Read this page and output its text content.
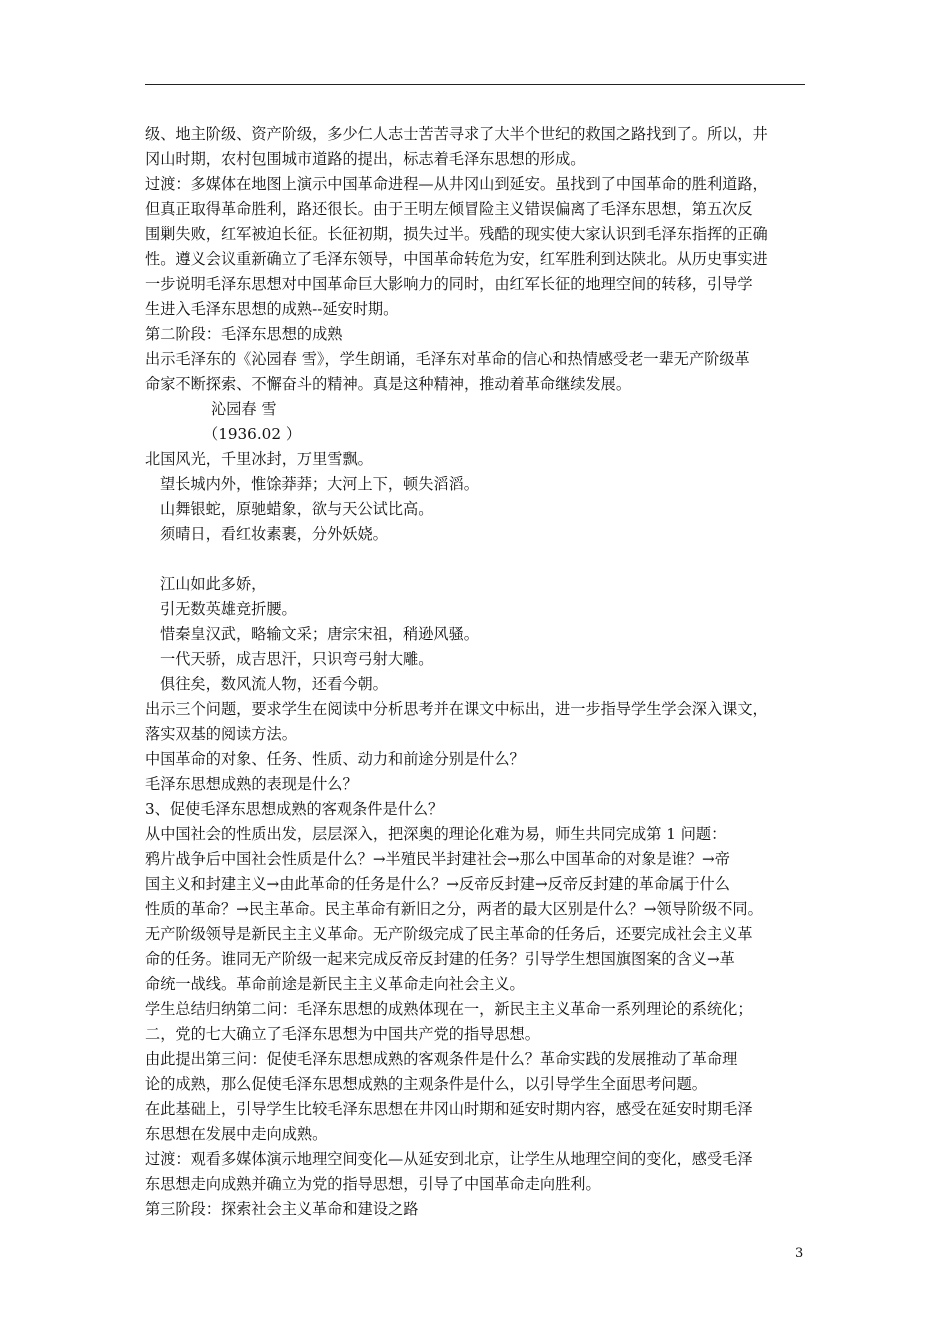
级、地主阶级、资产阶级，多少仁人志士苦苦寻求了大半个世纪的救国之路找到了。所以，井
冈山时期，农村包围城市道路的提出，标志着毛泽东思想的形成。
过渡：多媒体在地图上演示中国革命进程—从井冈山到延安。虽找到了中国革命的胜利道路，
但真正取得革命胜利，路还很长。由于王明左倾冒险主义错误偏离了毛泽东思想，第五次反
围剿失败，红军被迫长征。长征初期，损失过半。残酷的现实使大家认识到毛泽东指挥的正确
性。遵义会议重新确立了毛泽东领导，中国革命转危为安，红军胜利到达陕北。从历史事实进
一步说明毛泽东思想对中国革命巨大影响力的同时，由红军长征的地理空间的转移，引导学
生进入毛泽东思想的成熟--延安时期。
第二阶段：毛泽东思想的成熟
出示毛泽东的《沁园春 雪》，学生朗诵，毛泽东对革命的信心和热情感受老一辈无产阶级革
命家不断探索、不懈奋斗的精神。真是这种精神，推动着革命继续发展。
沁园春 雪
（1936.02 ）
北国风光，千里冰封，万里雪飘。
望长城内外，惟馀莽莽；大河上下，顿失滔滔。
山舞银蛇，原驰蜡象，欲与天公试比高。
须晴日，看红妆素裹，分外妖娆。
江山如此多娇，
引无数英雄竞折腰。
惜秦皇汉武，略输文采；唐宗宋祖，稍逊风骚。
一代天骄，成吉思汗，只识弯弓射大雕。
俱往矣，数风流人物，还看今朝。
出示三个问题，要求学生在阅读中分析思考并在课文中标出，进一步指导学生学会深入课文，
落实双基的阅读方法。
中国革命的对象、任务、性质、动力和前途分别是什么？
毛泽东思想成熟的表现是什么？
3、促使毛泽东思想成熟的客观条件是什么？
从中国社会的性质出发，层层深入，把深奥的理论化难为易，师生共同完成第 1 问题：
鸦片战争后中国社会性质是什么？→半殖民半封建社会→那么中国革命的对象是谁？→帝
国主义和封建主义→由此革命的任务是什么？→反帝反封建→反帝反封建的革命属于什么
性质的革命？→民主革命。民主革命有新旧之分，两者的最大区别是什么？→领导阶级不同。
无产阶级领导是新民主主义革命。无产阶级完成了民主革命的任务后，还要完成社会主义革
命的任务。谁同无产阶级一起来完成反帝反封建的任务？引导学生想国旗图案的含义→革
命统一战线。革命前途是新民主主义革命走向社会主义。
学生总结归纳第二问：毛泽东思想的成熟体现在一，新民主主义革命一系列理论的系统化；
二，党的七大确立了毛泽东思想为中国共产党的指导思想。
由此提出第三问：促使毛泽东思想成熟的客观条件是什么？革命实践的发展推动了革命理
论的成熟，那么促使毛泽东思想成熟的主观条件是什么，以引导学生全面思考问题。
在此基础上，引导学生比较毛泽东思想在井冈山时期和延安时期内容，感受在延安时期毛泽
东思想在发展中走向成熟。
过渡：观看多媒体演示地理空间变化—从延安到北京，让学生从地理空间的变化，感受毛泽
东思想走向成熟并确立为党的指导思想，引导了中国革命走向胜利。
第三阶段：探索社会主义革命和建设之路
3
